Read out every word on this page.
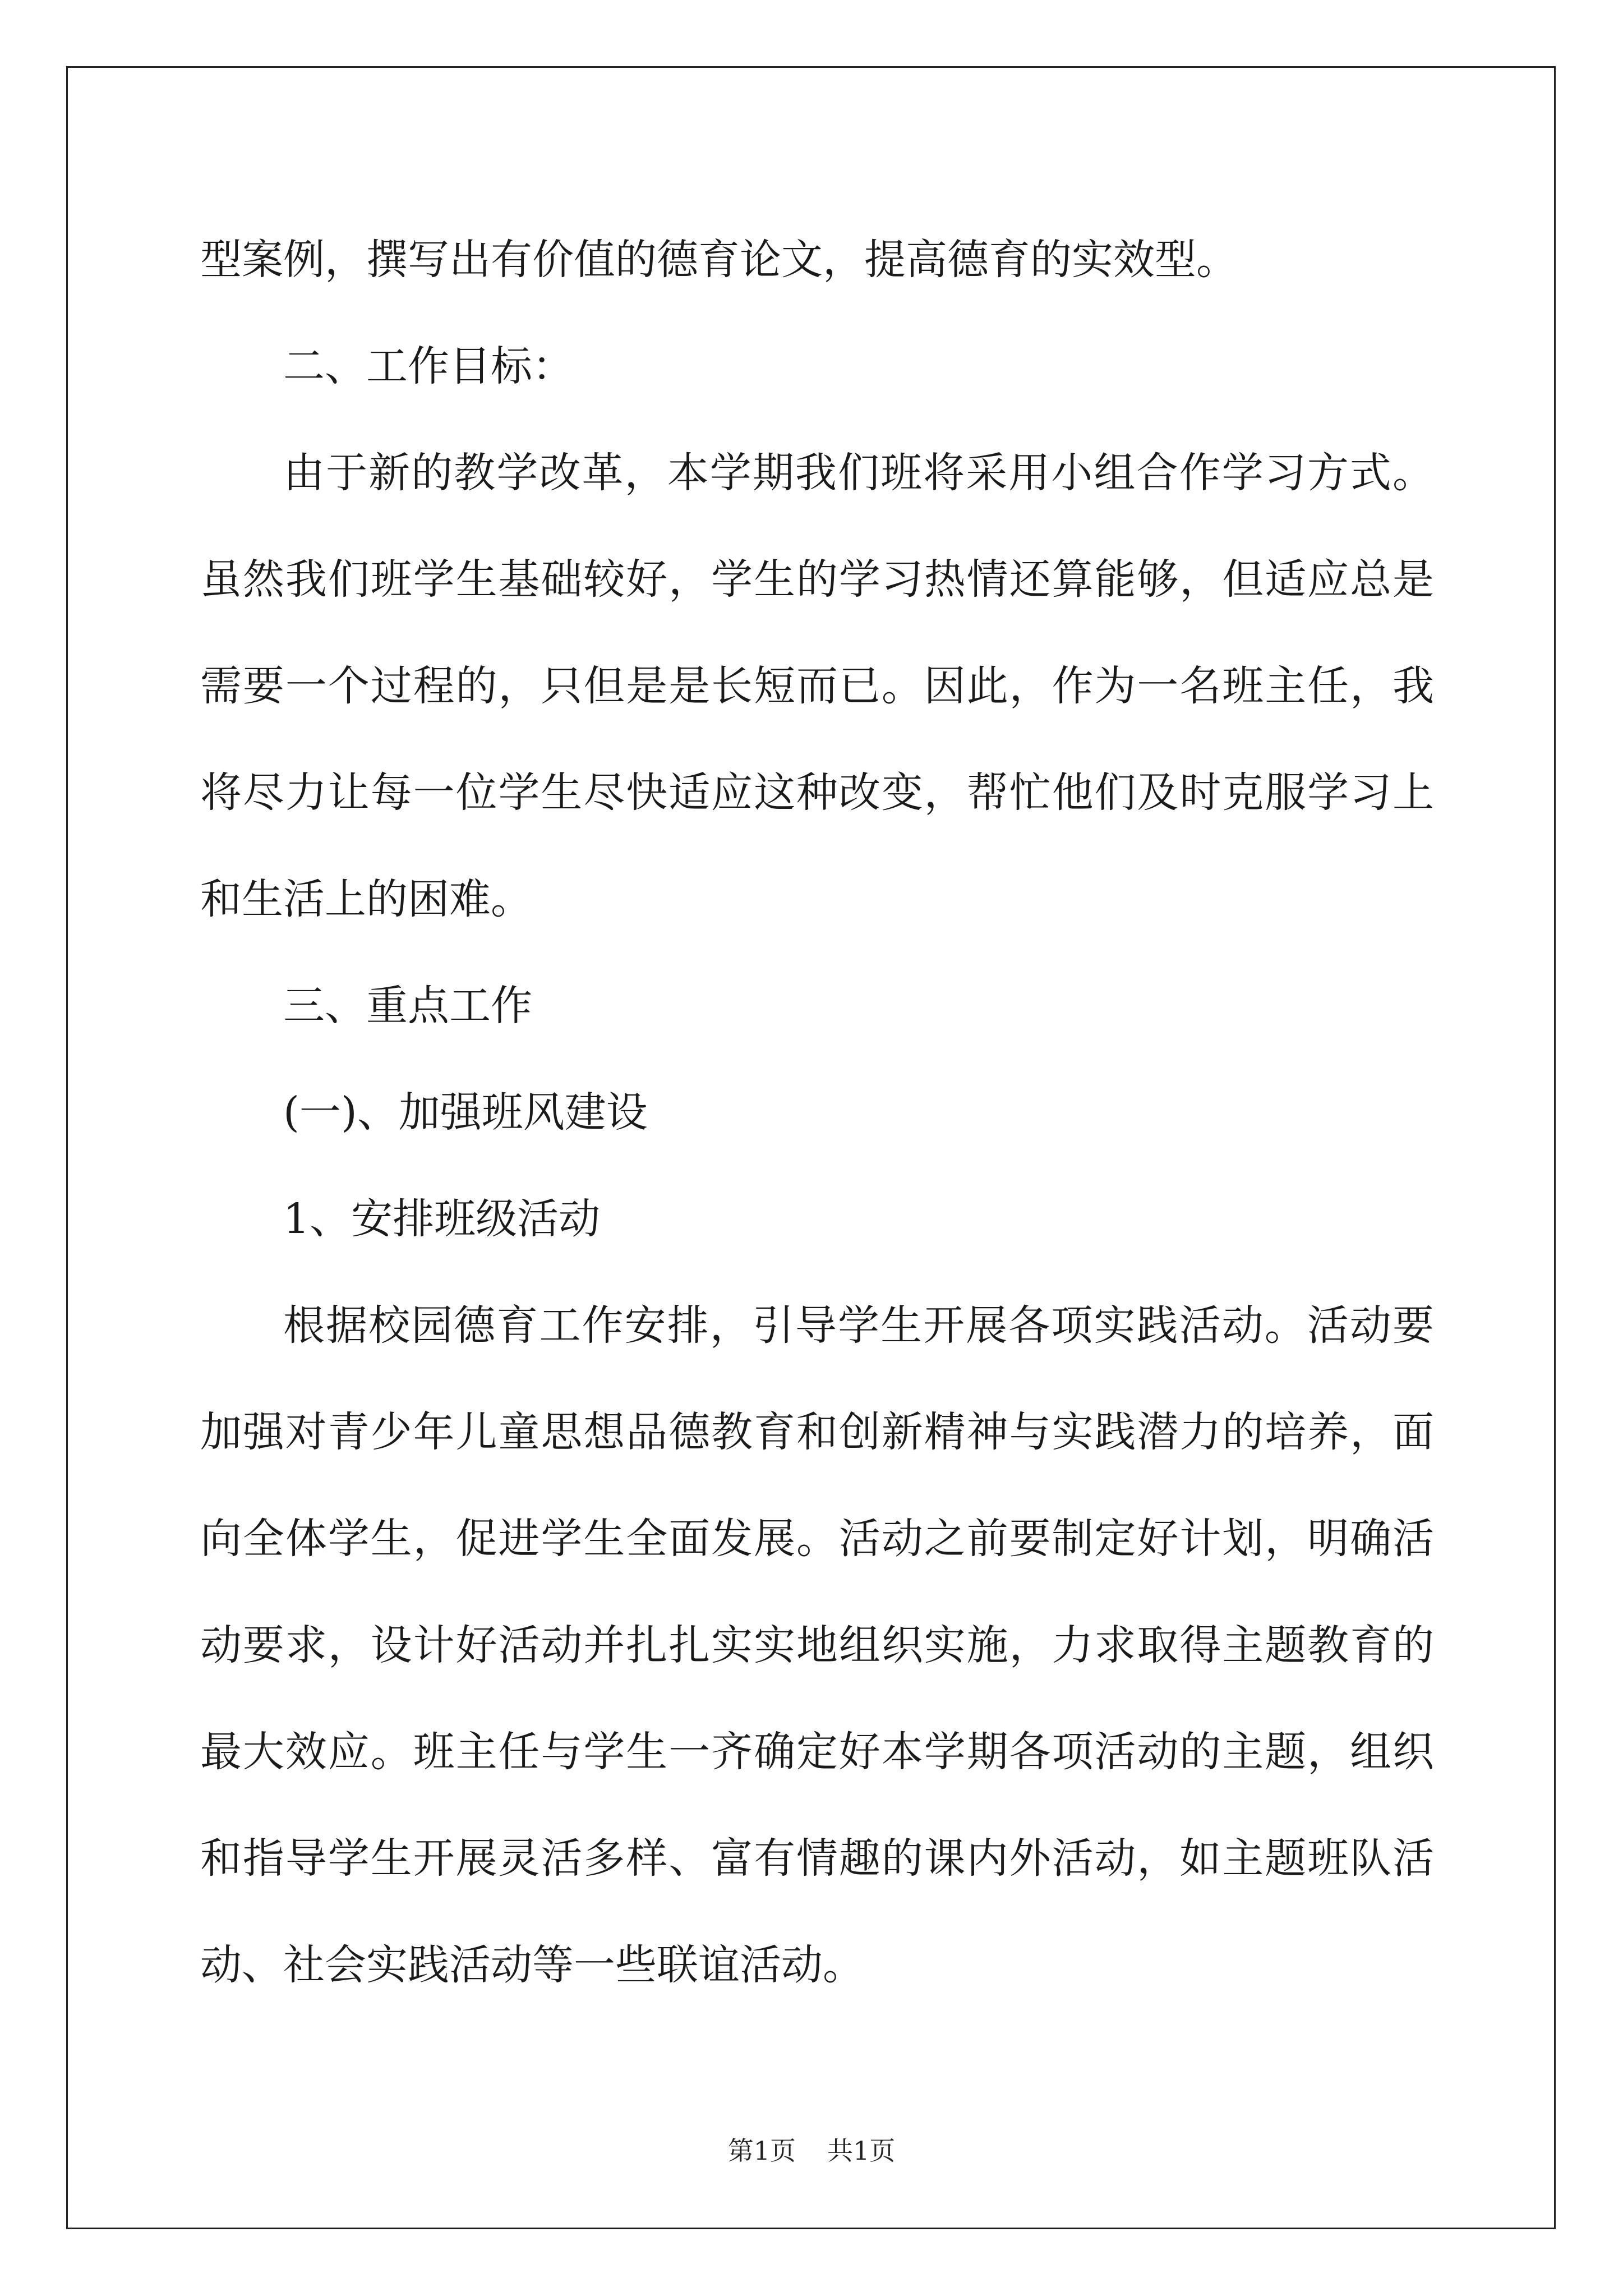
型案例，撰写出有价值的德育论文，提高德育的实效型。

二、工作目标：

由于新的教学改革，本学期我们班将采用小组合作学习方式。虽然我们班学生基础较好，学生的学习热情还算能够，但适应总是需要一个过程的，只但是是长短而已。因此，作为一名班主任，我将尽力让每一位学生尽快适应这种改变，帮忙他们及时克服学习上和生活上的困难。

三、重点工作

(一)、加强班风建设

1、安排班级活动

根据校园德育工作安排，引导学生开展各项实践活动。活动要加强对青少年儿童思想品德教育和创新精神与实践潜力的培养，面向全体学生，促进学生全面发展。活动之前要制定好计划，明确活动要求，设计好活动并扎扎实实地组织实施，力求取得主题教育的最大效应。班主任与学生一齐确定好本学期各项活动的主题，组织和指导学生开展灵活多样、富有情趣的课内外活动，如主题班队活动、社会实践活动等一些联谊活动。

第1页 共1页
